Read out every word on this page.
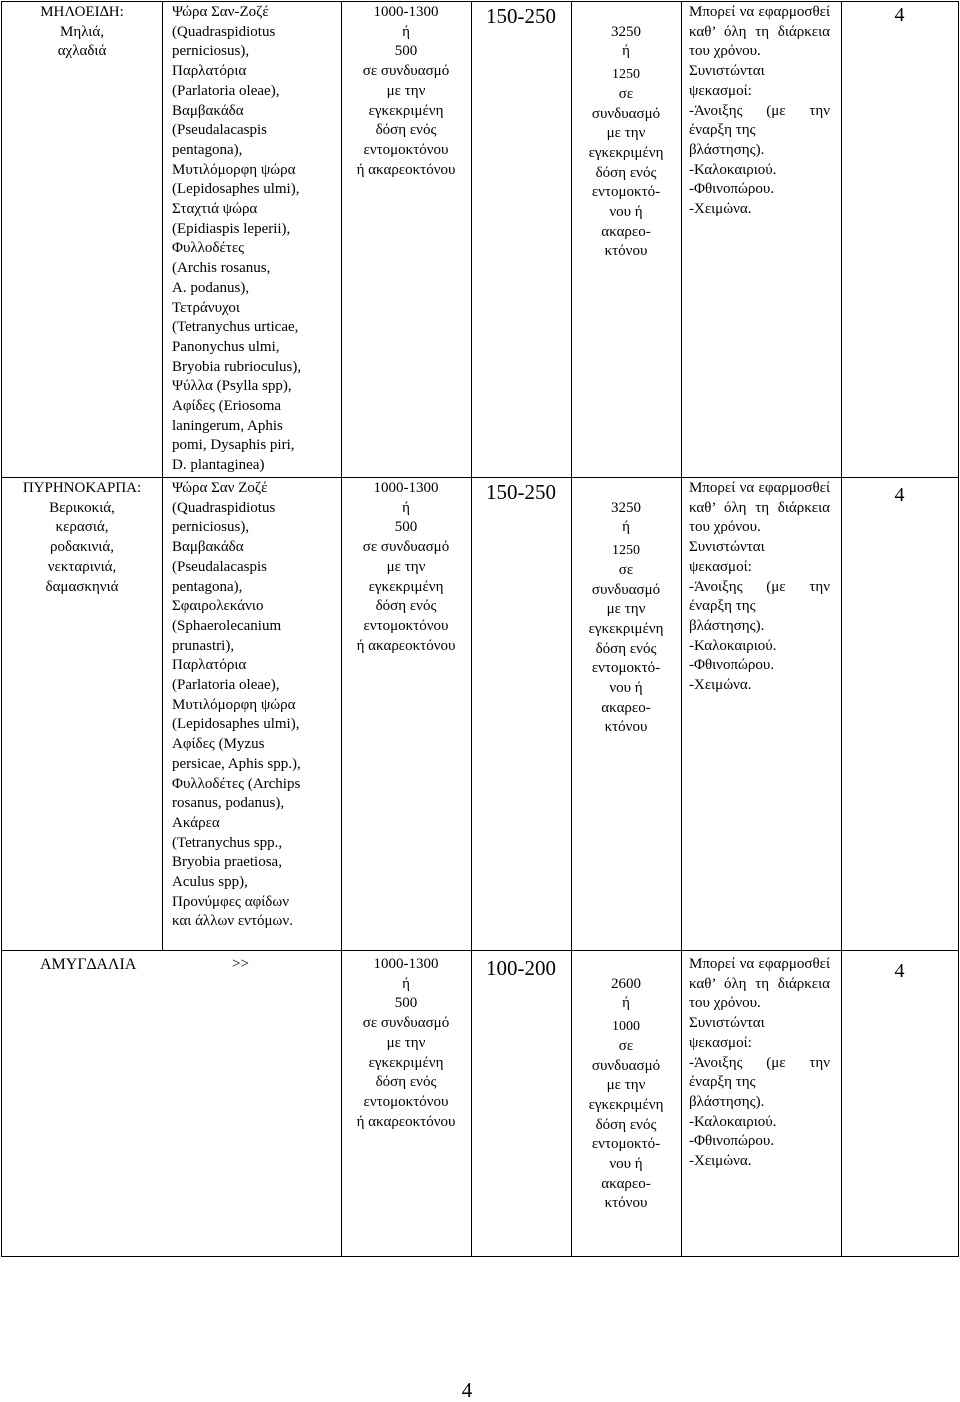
ΜΗΛΟΕΙ∆Η:
Μηλιά,
αχλαδιά
Ψώρα Σαν-Ζοζέ
(Quadraspidiotus
perniciosus),
Παρλατόρια
(Parlatoria oleae),
Βαμβακάδα
(Pseudalacaspis
pentagona),
Μυτιλόμορφη ψώρα
(Lepidosaphes ulmi),
Σταχτιά ψώρα
(Epidiaspis leperii),
Φυλλοδέτες
(Archis rosanus,
A. podanus),
Τετράνυχοι
(Tetranychus urticae,
Panonychus ulmi,
Bryobia rubrioculus),
Ψύλλα (Psylla spp),
Αφίδες (Eriosoma
laningerum, Aphis
pomi, Dysaphis piri,
D. plantaginea)
1000-1300
ή
500
σε συνδυασμό
με την
εγκεκριμένη
δόση ενός
εντομοκτόνου
ή ακαρεοκτόνου
150-250

3250
ή
1250
σε
συνδυασμό
με την
εγκεκριμένη
δόση ενός
εντομοκτό-
νου ή
ακαρεο-
κτόνου

Μπορεί να εφαρμοσθεί καθ’ όλη τη διάρκεια του χρόνου.
Συνιστώνται ψεκασμοί:
-Άνοιξης (με την έναρξη της
βλάστησης).
-Καλοκαιριού.
-Φθινοπώρου.
-Χειμώνα.
4
ΠΥΡΗΝΟΚΑΡΠΑ:
Βερικοκιά,
κερασιά,
ροδακινιά,
νεκταρινιά,
δαμασκηνιά
Ψώρα Σαν Ζοζέ
(Quadraspidiotus
perniciosus),
Βαμβακάδα
(Pseudalacaspis
pentagona),
Σφαιρολεκάνιο
(Sphaerolecanium
prunastri),
Παρλατόρια
(Parlatoria oleae),
Μυτιλόμορφη ψώρα
(Lepidosaphes ulmi),
Αφίδες (Myzus
persicae, Aphis spp.),
Φυλλοδέτες (Archips
rosanus, podanus),
Ακάρεα
(Tetranychus spp.,
Bryobia praetiosa,
Aculus spp),
Προνύμφες αφίδων
και άλλων εντόμων.
1000-1300
ή
500
σε συνδυασμό
με την
εγκεκριμένη
δόση ενός
εντομοκτόνου
ή ακαρεοκτόνου
150-250

3250
ή
1250
σε
συνδυασμό
με την
εγκεκριμένη
δόση ενός
εντομοκτό-
νου ή
ακαρεο-
κτόνου

Μπορεί να εφαρμοσθεί καθ’ όλη τη διάρκεια του χρόνου.
Συνιστώνται ψεκασμοί:
-Άνοιξης (με την έναρξη της
βλάστησης).
-Καλοκαιριού.
-Φθινοπώρου.
-Χειμώνα.
4
ΑΜΥΓ∆ΑΛΙΑ	>>	1000-1300
ή
500
σε συνδυασμό
με την
εγκεκριμένη
δόση ενός
εντομοκτόνου
ή ακαρεοκτόνου
100-200

2600
ή
1000
σε
συνδυασμό
με την
εγκεκριμένη
δόση ενός
εντομοκτό-
νου ή
ακαρεο-
κτόνου

Μπορεί να εφαρμοσθεί καθ’ όλη τη διάρκεια του χρόνου.
Συνιστώνται ψεκασμοί:
-Άνοιξης (με την έναρξη της
βλάστησης).
-Καλοκαιριού.
-Φθινοπώρου.
-Χειμώνα.
4
4
